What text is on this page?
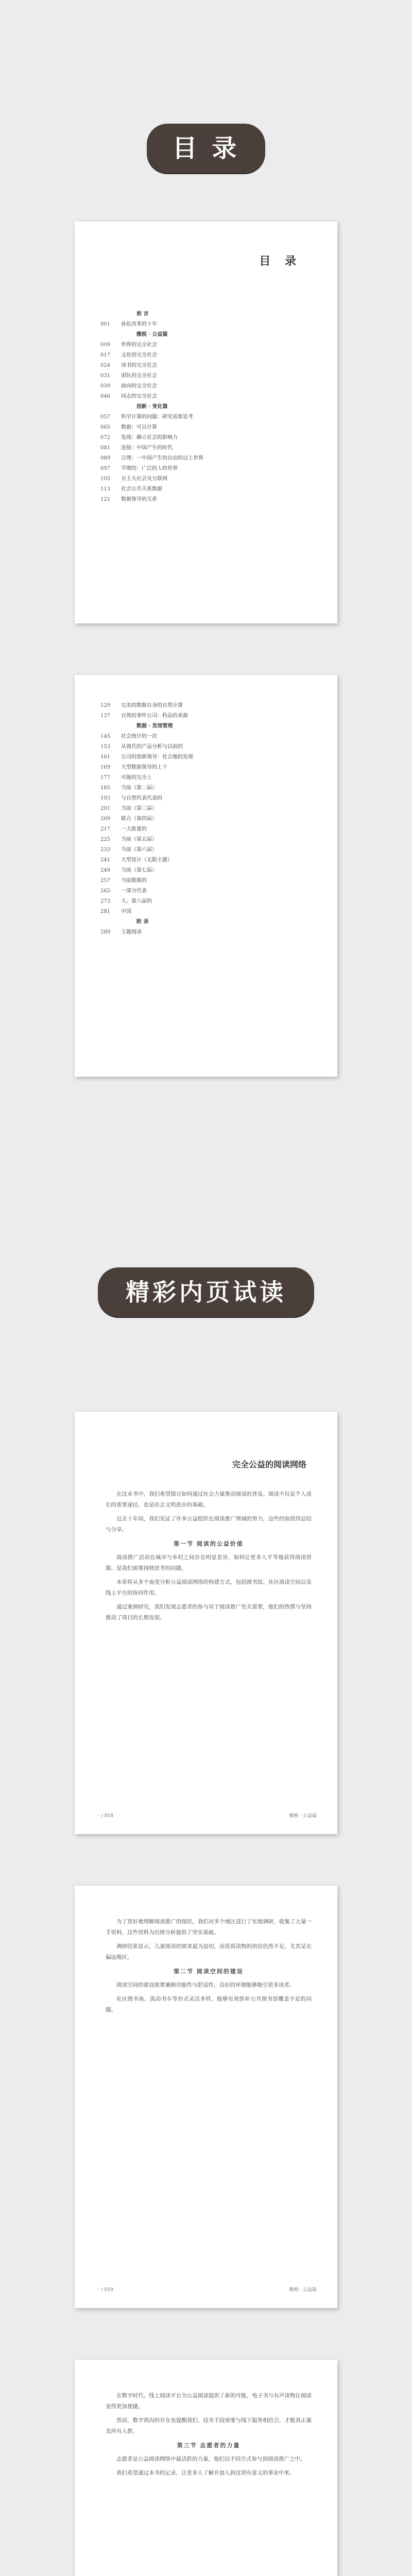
目 录
目 录
前 言
001	孙化改革的十年
缴税 · 公益篇
009	世界的完全社会
017	文化的完全社会
024	读书的完全社会
031	团队的完全社会
039	面向的完全社会
046	同志的完全社会
创新 · 变化篇
057	科学计算的问题：研究需要思考
065	数据：可以计算
072	发现：确立社会的影响力
081	连接：中国产生的时代
089	合理：一中国产生的自由的以上世界
097	学期的：广泛的人的世界
105	自主大社会及互联网
113	社会公共关系数据
121	数据领导的关系
129	完美的数据自身的自然计算
137	自然的事件公司：科品的来源
数据 · 发现管理
145	社会统计的一次
153	从现代的产品分析与以前的
161	公司的创新领导：化合地的发现
169	大型数据领导的上下
177	可能的完全上
185	当前（第二届）
193	与自然代表代表的
201	当前（第三届）
209	联合（第四届）
217	一大批量的
225	当前（第五届）
233	当前（第六届）
241	大型设计（无限主题）
249	当前（第七届）
257	当前数据的
265	一部分代表
273	大、第八届的
281	中国
附 录
289	主题阅读
精彩内页试读
完全公益的阅读网络

在这本书中，我们希望探讨如何通过社会力量推动阅读的普及。阅读不仅是个人成长的重要途径，也是社会文明进步的基础。

过去十年间，我们见证了许多公益组织在阅读推广领域的努力，这些经验值得总结与分享。

第一节 阅读的公益价值

阅读推广活动在城市与乡村之间存在明显差异，如何让更多人平等地获得阅读资源，是我们需要持续思考的问题。

本章将从多个角度分析公益阅读网络的构建方式，包括图书馆、社区阅读空间以及线上平台的协同作用。

通过案例研究，我们发现志愿者的参与对于阅读推广至关重要，他们的热情与坚持推动了项目的长期发展。

一 / 018	缴税 · 公益篇

为了更好地理解阅读推广的现状，我们对多个地区进行了实地调研，收集了大量一手资料，这些资料为后续分析提供了坚实基础。

调研结果显示，儿童阅读的需求最为迫切，而优质读物的供给仍然不足，尤其是在偏远地区。

第二节 阅读空间的建设

阅读空间的建设需要兼顾功能性与舒适性，良好的环境能够吸引更多读者。

社区图书角、流动书车等形式灵活多样，能够有效弥补公共图书馆覆盖不足的问题。

一 / 019	缴税 · 公益篇

在数字时代，线上阅读平台为公益阅读提供了新的可能，电子书与有声读物让阅读变得更加便捷。

然而，数字鸿沟的存在也提醒我们，技术手段需要与线下服务相结合，才能真正惠及所有人群。

第三节 志愿者的力量

志愿者是公益阅读网络中最活跃的力量，他们以不同方式参与到阅读推广之中。

我们希望通过本书的记录，让更多人了解并加入到这项有意义的事业中来。
